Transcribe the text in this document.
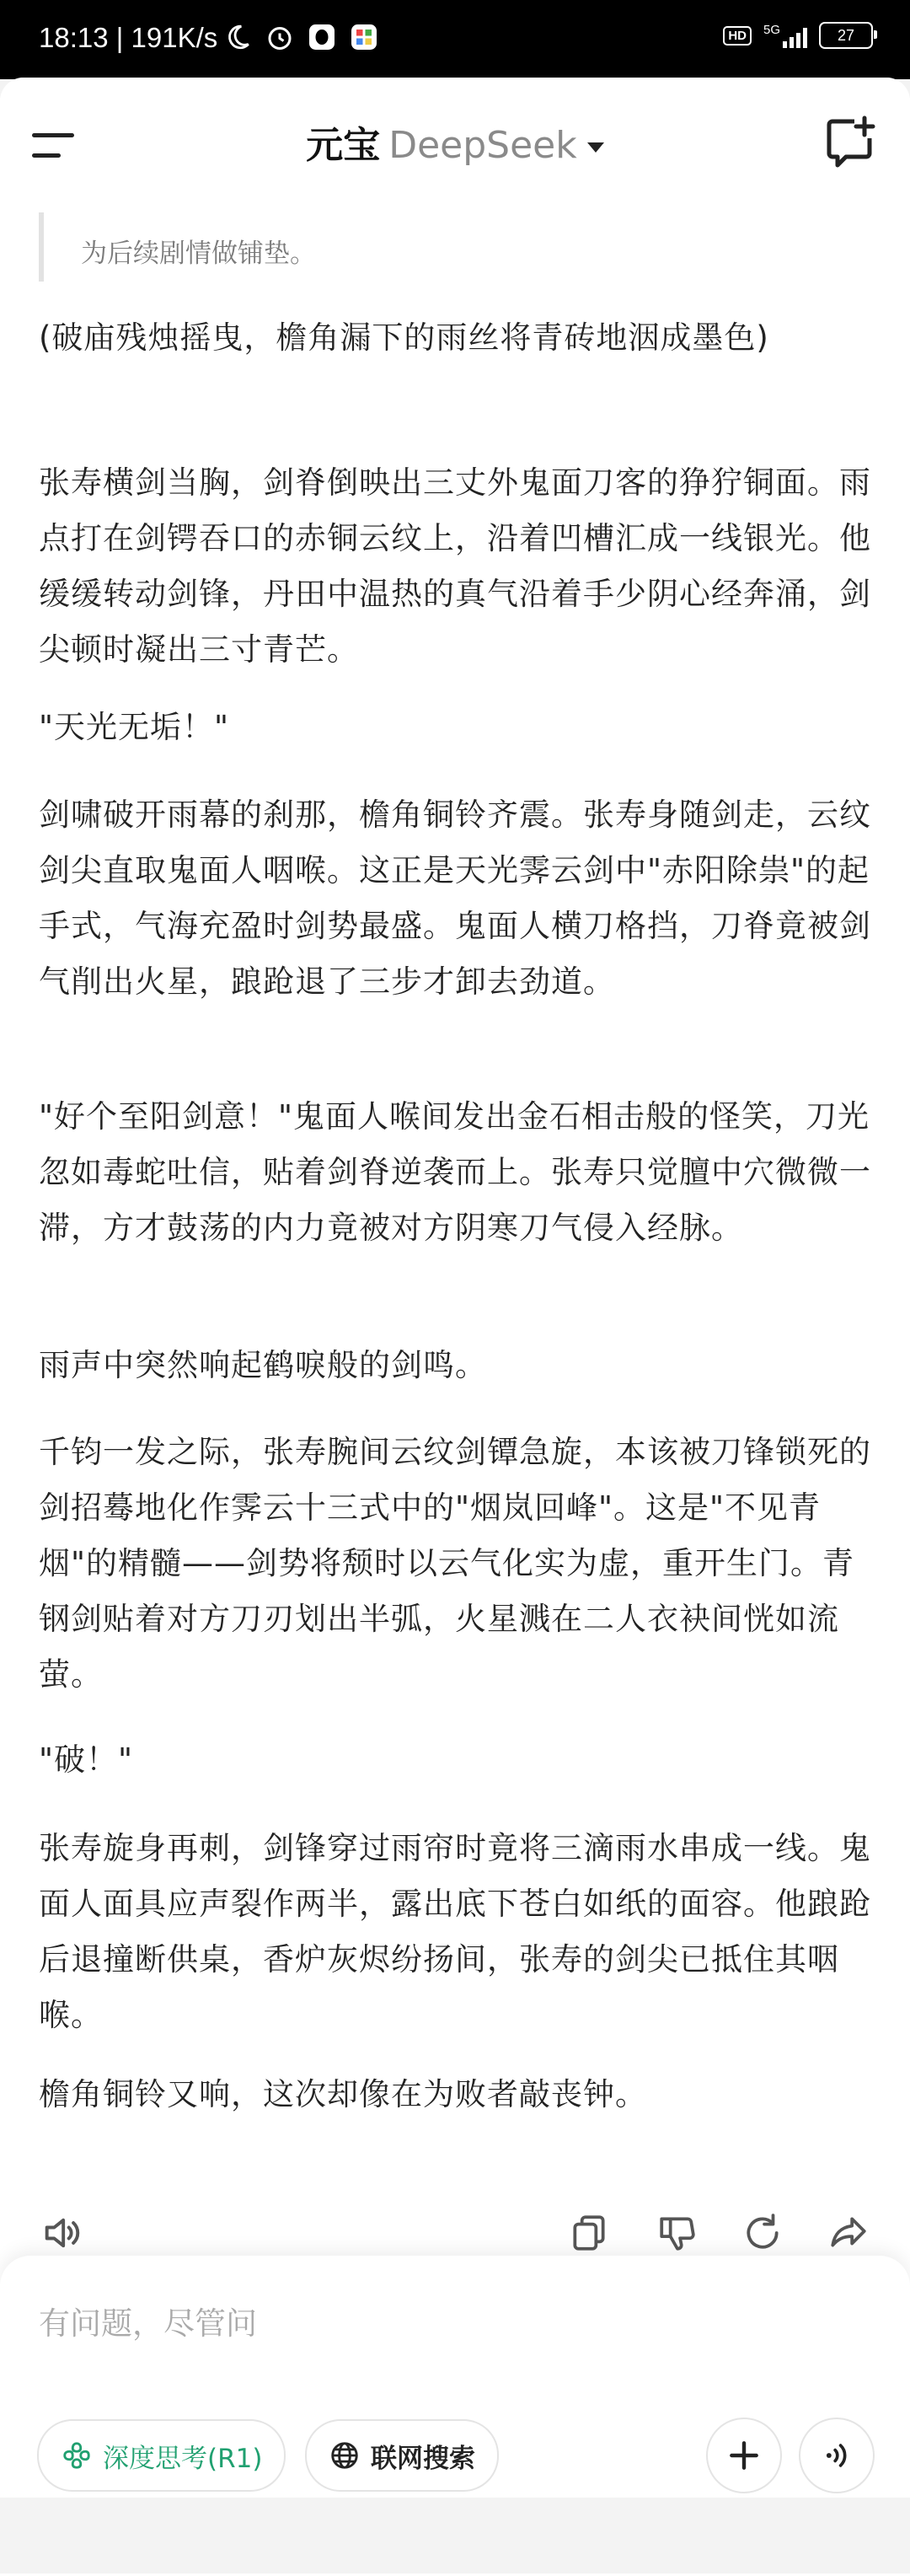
18:13 | 191K/s	HD	5G	27
为后续剧情做铺垫。
(破庙残烛摇曳，檐角漏下的雨丝将青砖地洇成墨色)
张寿横剑当胸，剑脊倒映出三丈外鬼面刀客的狰狞铜面。雨点打在剑锷吞口的赤铜云纹上，沿着凹槽汇成一线银光。他缓缓转动剑锋，丹田中温热的真气沿着手少阴心经奔涌，剑尖顿时凝出三寸青芒。
"天光无垢！"
剑啸破开雨幕的刹那，檐角铜铃齐震。张寿身随剑走，云纹剑尖直取鬼面人咽喉。这正是天光霁云剑中"赤阳除祟"的起手式，气海充盈时剑势最盛。鬼面人横刀格挡，刀脊竟被剑气削出火星，踉跄退了三步才卸去劲道。
"好个至阳剑意！"鬼面人喉间发出金石相击般的怪笑，刀光忽如毒蛇吐信，贴着剑脊逆袭而上。张寿只觉膻中穴微微一滞，方才鼓荡的内力竟被对方阴寒刀气侵入经脉。
雨声中突然响起鹤唳般的剑鸣。
千钧一发之际，张寿腕间云纹剑镡急旋，本该被刀锋锁死的剑招蓦地化作霁云十三式中的"烟岚回峰"。这是"不见青烟"的精髓——剑势将颓时以云气化实为虚，重开生门。青钢剑贴着对方刀刃划出半弧，火星溅在二人衣袂间恍如流萤。
"破！"
张寿旋身再刺，剑锋穿过雨帘时竟将三滴雨水串成一线。鬼面人面具应声裂作两半，露出底下苍白如纸的面容。他踉跄后退撞断供桌，香炉灰烬纷扬间，张寿的剑尖已抵住其咽喉。
檐角铜铃又响，这次却像在为败者敲丧钟。
元宝 DeepSeek
有问题，尽管问
深度思考(R1)	联网搜索
